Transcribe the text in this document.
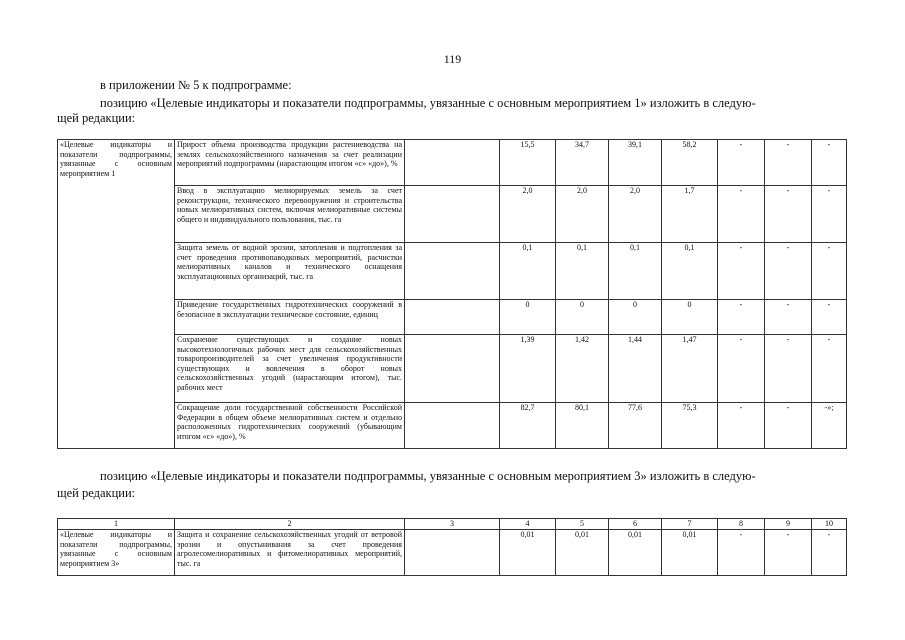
119
в приложении № 5 к подпрограмме:
позицию «Целевые индикаторы и показатели подпрограммы, увязанные с основным мероприятием 1» изложить в следую-
щей редакции:
«Целевые индикаторы и показатели подпрограммы, увязанные с основным мероприятием 1	Прирост объема производства продукции растениеводства на землях сельскохозяйственного назначения за счет реализации мероприятий подпрограммы (нарастающим итогом «с» «до»), %		15,5	34,7	39,1	58,2	-	-	-
	Ввод в эксплуатацию мелиорируемых земель за счет реконструкции, технического перевооружения и строительства новых мелиоративных систем, включая мелиоративные системы общего и индивидуального пользования, тыс. га		2,0	2,0	2,0	1,7	-	-	-
	Защита земель от водной эрозии, затопления и подтопления за счет проведения противопаводковых мероприятий, расчистки мелиоративных каналов и технического оснащения эксплуатационных организаций, тыс. га		0,1	0,1	0,1	0,1	-	-	-
	Приведение государственных гидротехнических сооружений в безопасное в эксплуатации техническое состояние, единиц		0	0	0	0	-	-	-
	Сохранение существующих и создание новых высокотехнологичных рабочих мест для сельскохозяйственных товаропроизводителей за счет увеличения продуктивности существующих и вовлечения в оборот новых сельскохозяйственных угодий (нарастающим итогом), тыс. рабочих мест		1,39	1,42	1,44	1,47	-	-	-
	Сокращение доли государственной собственности Российской Федерации в общем объеме мелиоративных систем и отдельно расположенных гидротехнических сооружений (убывающим итогом «с» «до»), %		82,7	80,1	77,6	75,3	-	-	-»;
позицию «Целевые индикаторы и показатели подпрограммы, увязанные с основным мероприятием 3» изложить в следую-
щей редакции:
1	2	3	4	5	6	7	8	9	10
«Целевые индикаторы и показатели подпрограммы, увязанные с основным мероприятием 3»	Защита и сохранение сельскохозяйственных угодий от ветровой эрозии и опустынивания за счет проведения агролесомелиоративных и фитомелиоративных мероприятий, тыс. га		0,01	0,01	0,01	0,01	-	-	-
